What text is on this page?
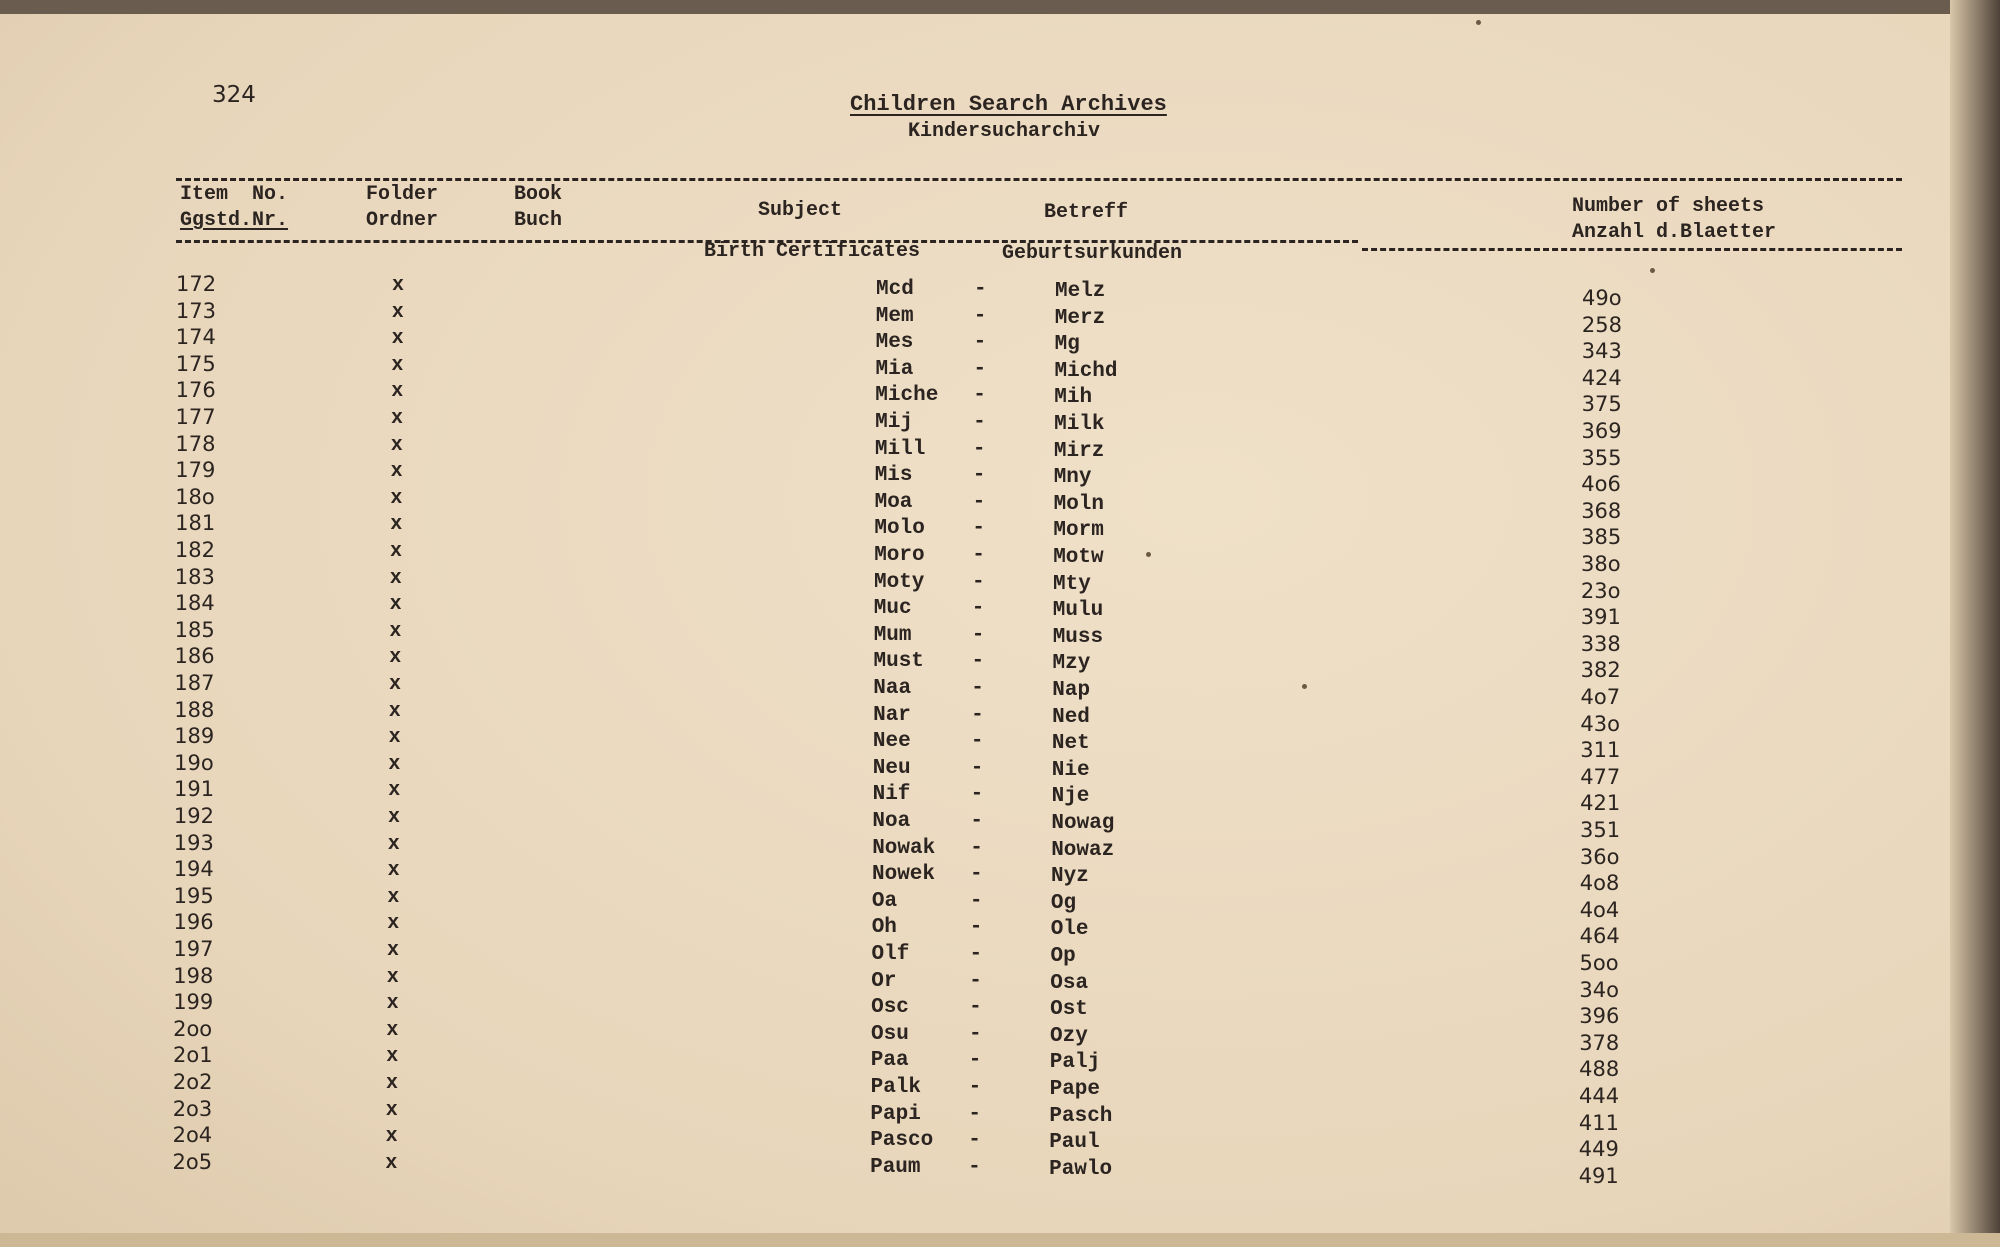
324	Children Search Archives
Kindersucharchiv
Item  No.
Ggstd.Nr.
Folder
Ordner
Book
Buch	Subject	Betreff	Number of sheets
Anzahl d.Blaetter
Birth Certificates	Geburtsurkunden
172	x	Mcd	-	Melz	49o
173	x	Mem	-	Merz	258
174	x	Mes	-	Mg	343
175	x	Mia	-	Michd	424
176	x	Miche -	Mih	375
177	x	Mij	-	Milk	369
178	x	Mill -	Mirz	355
179	x	Mis	-	Mny	4o6
18o	x	Moa	-	Moln	368
181	x	Molo -	Morm	385
182	x	Moro -	Motw	38o
183	x	Moty -	Mty	23o
184	x	Muc	-	Mulu	391
185	x	Mum	-	Muss	338
186	x	Must -	Mzy	382
187	x	Naa	-	Nap	4o7
188	x	Nar	-	Ned	43o
189	x	Nee	-	Net	311
19o	x	Neu	-	Nie	477
191	x	Nif	-	Nje	421
192	x	Noa	-	Nowag	351
193	x	Nowak -	Nowaz	36o
194	x	Nowek -	Nyz	4o8
195	x	Oa	-	Og	4o4
196	x	Oh	-	Ole	464
197	x	Olf	-	Op	5oo
198	x	Or	-	Osa	34o
199	x	Osc	-	Ost	396
2oo	x	Osu	-	Ozy	378
2o1	x	Paa	-	Palj	488
2o2	x	Palk -	Pape	444
2o3	x	Papi -	Pasch	411
2o4	x	Pasco -	Paul	449
2o5	x	Paum -	Pawlo	491
